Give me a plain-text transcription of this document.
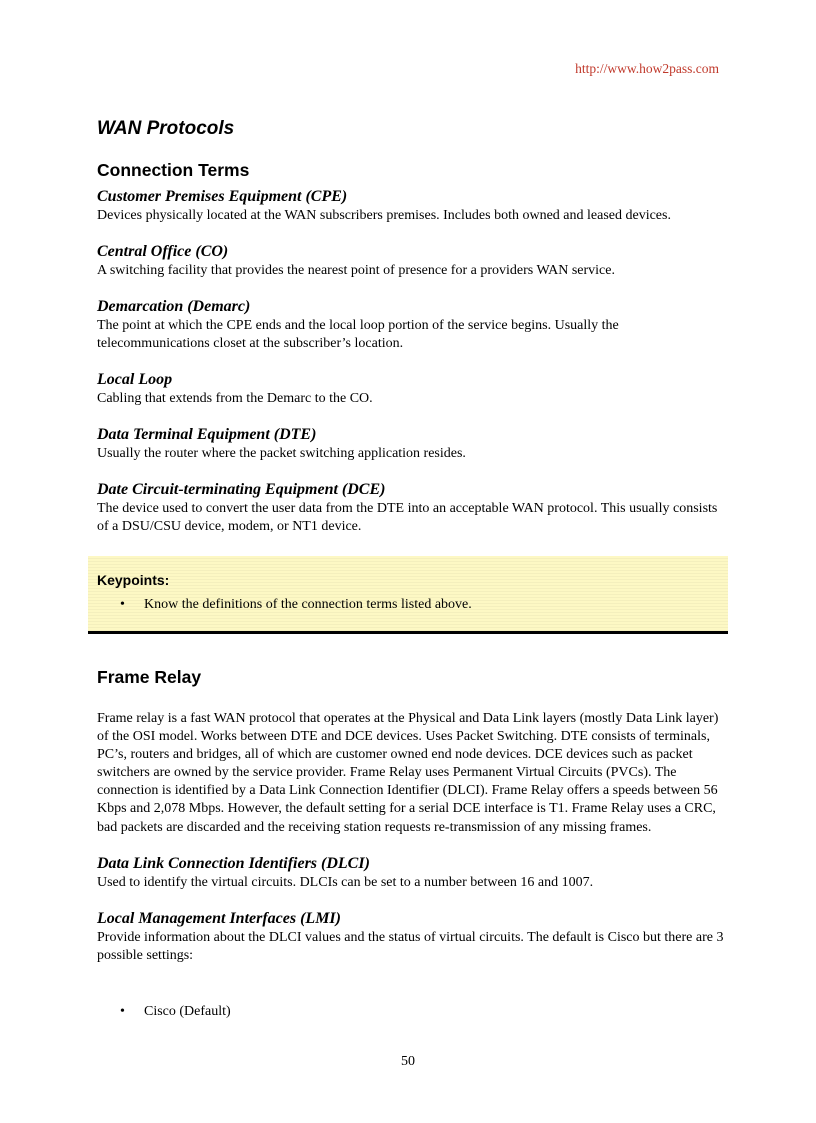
http://www.how2pass.com
WAN Protocols
Connection Terms

Customer Premises Equipment (CPE)

Devices physically located at the WAN subscribers premises. Includes both owned and leased devices.

Central Office (CO)

A switching facility that provides the nearest point of presence for a providers WAN service.

Demarcation (Demarc)

The point at which the CPE ends and the local loop portion of the service begins. Usually the telecommunications closet at the subscriber’s location.

Local Loop

Cabling that extends from the Demarc to the CO.

Data Terminal Equipment (DTE)

Usually the router where the packet switching application resides.

Date Circuit-terminating Equipment (DCE)

The device used to convert the user data from the DTE into an acceptable WAN protocol. This usually consists of a DSU/CSU device, modem, or NT1 device.

Keypoints:
• Know the definitions of the connection terms listed above.
Frame Relay

Frame relay is a fast WAN protocol that operates at the Physical and Data Link layers (mostly Data Link layer) of the OSI model. Works between DTE and DCE devices. Uses Packet Switching. DTE consists of terminals, PC’s, routers and bridges, all of which are customer owned end node devices. DCE devices such as packet switchers are owned by the service provider. Frame Relay uses Permanent Virtual Circuits (PVCs). The connection is identified by a Data Link Connection Identifier (DLCI). Frame Relay offers a speeds between 56 Kbps and 2,078 Mbps. However, the default setting for a serial DCE interface is T1. Frame Relay uses a CRC, bad packets are discarded and the receiving station requests re-transmission of any missing frames.

Data Link Connection Identifiers (DLCI)

Used to identify the virtual circuits. DLCIs can be set to a number between 16 and 1007.

Local Management Interfaces (LMI)

Provide information about the DLCI values and the status of virtual circuits. The default is Cisco but there are 3 possible settings:

• Cisco (Default)
50
